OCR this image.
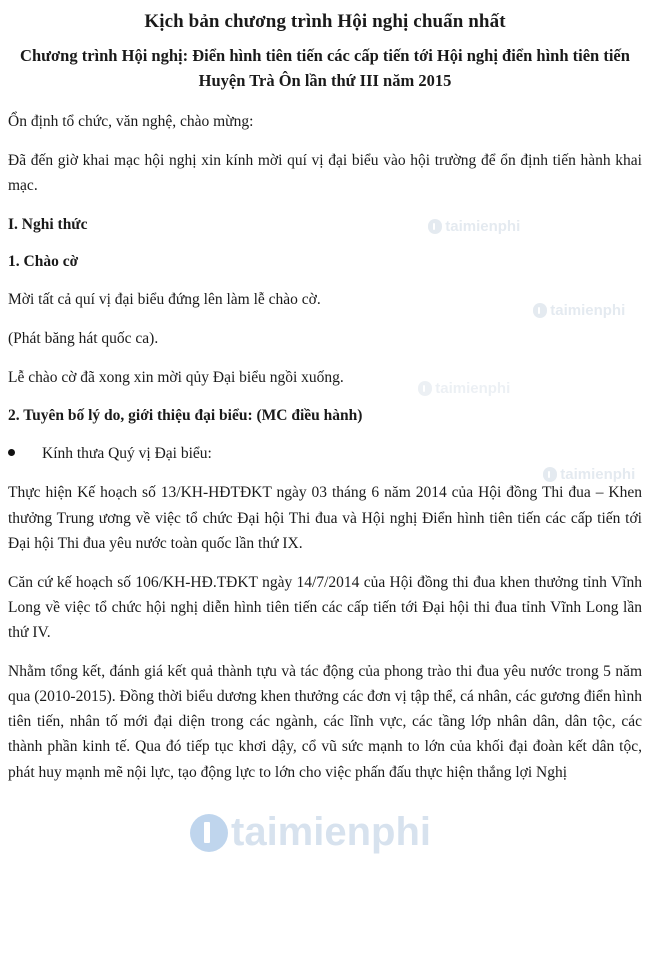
taimienphi
taimienphi
taimienphi
taimienphi
taimienphi
Kịch bản chương trình Hội nghị chuẩn nhất
Chương trình Hội nghị: Điển hình tiên tiến các cấp tiến tới Hội nghị điển hình tiên tiến Huyện Trà Ôn lần thứ III năm 2015

Ổn định tổ chức, văn nghệ, chào mừng:

Đã đến giờ khai mạc hội nghị xin kính mời quí vị đại biểu vào hội trường để ổn định tiến hành khai mạc.

I. Nghi thức
1. Chào cờ

Mời tất cả quí vị đại biểu đứng lên làm lễ chào cờ.

(Phát băng hát quốc ca).

Lễ chào cờ đã xong xin mời qủy Đại biểu ngồi xuống.

2. Tuyên bố lý do, giới thiệu đại biểu: (MC điều hành)
Kính thưa Quý vị Đại biểu:

Thực hiện Kế hoạch số 13/KH-HĐTĐKT ngày 03 tháng 6 năm 2014 của Hội đồng Thi đua – Khen thưởng Trung ương về việc tổ chức Đại hội Thi đua và Hội nghị Điển hình tiên tiến các cấp tiến tới Đại hội Thi đua yêu nước toàn quốc lần thứ IX.

Căn cứ kế hoạch số 106/KH-HĐ.TĐKT ngày 14/7/2014 của Hội đồng thi đua khen thưởng tỉnh Vĩnh Long về việc tổ chức hội nghị diễn hình tiên tiến các cấp tiến tới Đại hội thi đua tỉnh Vĩnh Long lần thứ IV.

Nhằm tổng kết, đánh giá kết quả thành tựu và tác động của phong trào thi đua yêu nước trong 5 năm qua (2010-2015). Đồng thời biểu dương khen thưởng các đơn vị tập thể, cá nhân, các gương điển hình tiên tiến, nhân tố mới đại diện trong các ngành, các lĩnh vực, các tầng lớp nhân dân, dân tộc, các thành phần kinh tế. Qua đó tiếp tục khơi dậy, cổ vũ sức mạnh to lớn của khối đại đoàn kết dân tộc, phát huy mạnh mẽ nội lực, tạo động lực to lớn cho việc phấn đấu thực hiện thắng lợi Nghị
